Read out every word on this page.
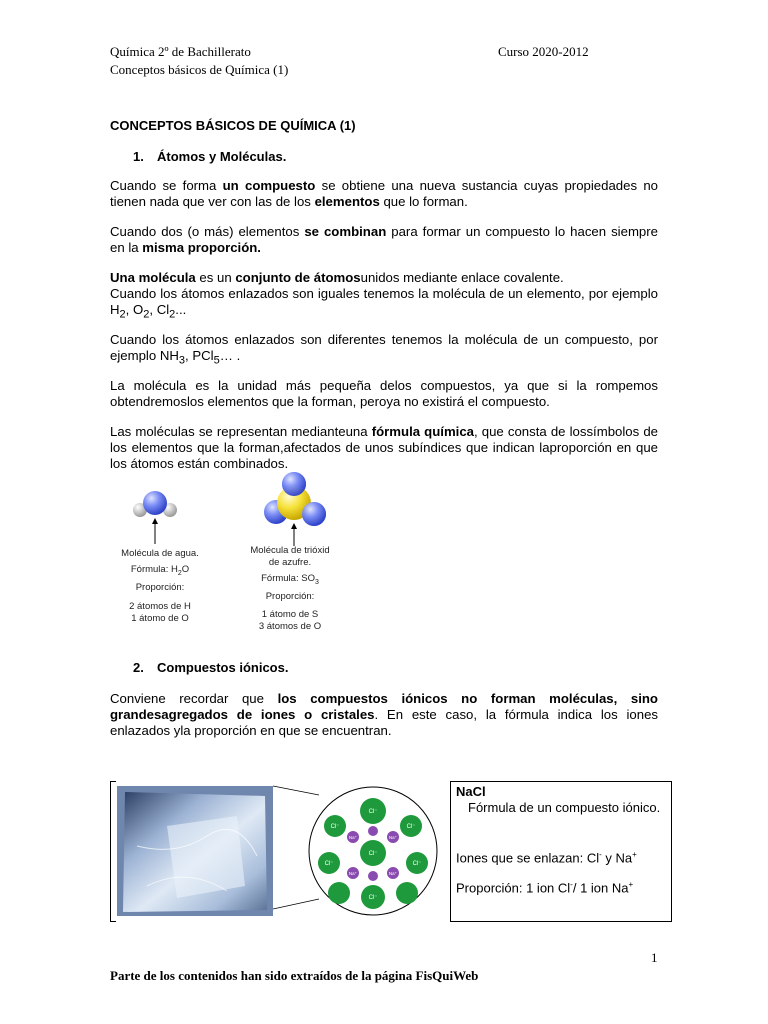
Química 2º de Bachillerato
Conceptos básicos de Química (1)
Curso 2020-2012
CONCEPTOS BÁSICOS DE QUÍMICA (1)
1. Átomos y Moléculas.
Cuando se forma un compuesto se obtiene una nueva sustancia cuyas propiedades no tienen nada que ver con las de los elementos que lo forman.
Cuando dos (o más) elementos se combinan para formar un compuesto lo hacen siempre en la misma proporción.
Una molécula es un conjunto de átomosunidos mediante enlace covalente.
Cuando los átomos enlazados son iguales tenemos la molécula de un elemento, por ejemplo $H_2$, $O_2$, $Cl_2$...
Cuando los átomos enlazados son diferentes tenemos la molécula de un compuesto, por ejemplo $NH_3$, PCl$_5$… .
La molécula es la unidad más pequeña delos compuestos, ya que si la rompemos obtendremoslos elementos que la forman, peroya no existirá el compuesto.
Las moléculas se representan medianteuna fórmula química, que consta de lossímbolos de los elementos que la forman,afectados de unos subíndices que indican laproporción en que los átomos están combinados.
Molécula de agua.
Fórmula: $H_2O$
Proporción:
2 átomos de H
1 átomo de O
Molécula de trióxid
de azufre.
Fórmula: $SO_3$
Proporción:
1 átomo de S
3 átomos de O
2. Compuestos iónicos.
Conviene recordar que los compuestos iónicos no forman moléculas, sino grandesagregados de iones o cristales. En este caso, la fórmula indica los iones enlazados yla proporción en que se encuentran.
Cl⁻
Cl⁻
Cl⁻	Cl⁻
Cl⁻	Cl⁻
Cl⁻
Na⁺	Na⁺
Na⁺	Na⁺
NaCl
Fórmula de un compuesto iónico.
Iones que se enlazan: Cl- y Na+
Proporción: 1 ion Cl-/ 1 ion Na+
1
Parte de los contenidos han sido extraídos de la página FisQuiWeb
